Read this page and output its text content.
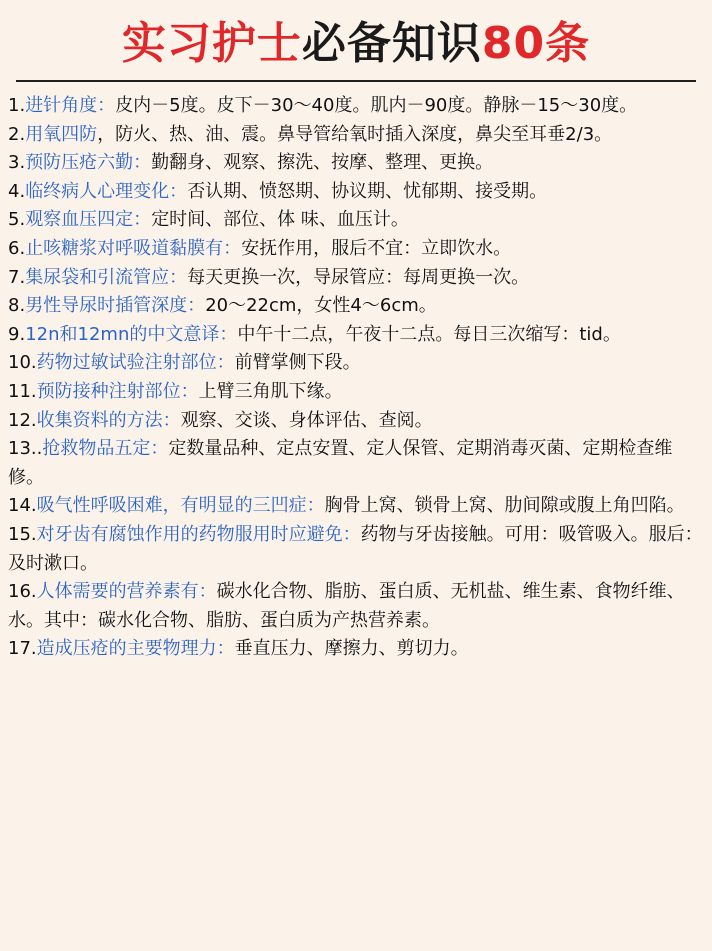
实习护士必备知识80条
1.进针角度：皮内－5度。皮下－30～40度。肌内－90度。静脉－15～30度。
2.用氧四防，防火、热、油、震。鼻导管给氧时插入深度，鼻尖至耳垂2/3。
3.预防压疮六勤：勤翻身、观察、擦洗、按摩、整理、更换。
4.临终病人心理变化：否认期、愤怒期、协议期、忧郁期、接受期。
5.观察血压四定：定时间、部位、体 味、血压计。
6.止咳糖浆对呼吸道黏膜有：安抚作用，服后不宜：立即饮水。
7.集尿袋和引流管应：每天更换一次，导尿管应：每周更换一次。
8.男性导尿时插管深度：20～22cm，女性4～6cm。
9.12n和12mn的中文意译：中午十二点，午夜十二点。每日三次缩写：tid。
10.药物过敏试验注射部位：前臂掌侧下段。
11.预防接种注射部位：上臂三角肌下缘。
12.收集资料的方法：观察、交谈、身体评估、查阅。
13..抢救物品五定：定数量品种、定点安置、定人保管、定期消毒灭菌、定期检查维修。
14.吸气性呼吸困难，有明显的三凹症：胸骨上窝、锁骨上窝、肋间隙或腹上角凹陷。
15.对牙齿有腐蚀作用的药物服用时应避免：药物与牙齿接触。可用：吸管吸入。服后：及时漱口。
16.人体需要的营养素有：碳水化合物、脂肪、蛋白质、无机盐、维生素、食物纤维、水。其中：碳水化合物、脂肪、蛋白质为产热营养素。
17.造成压疮的主要物理力：垂直压力、摩擦力、剪切力。
